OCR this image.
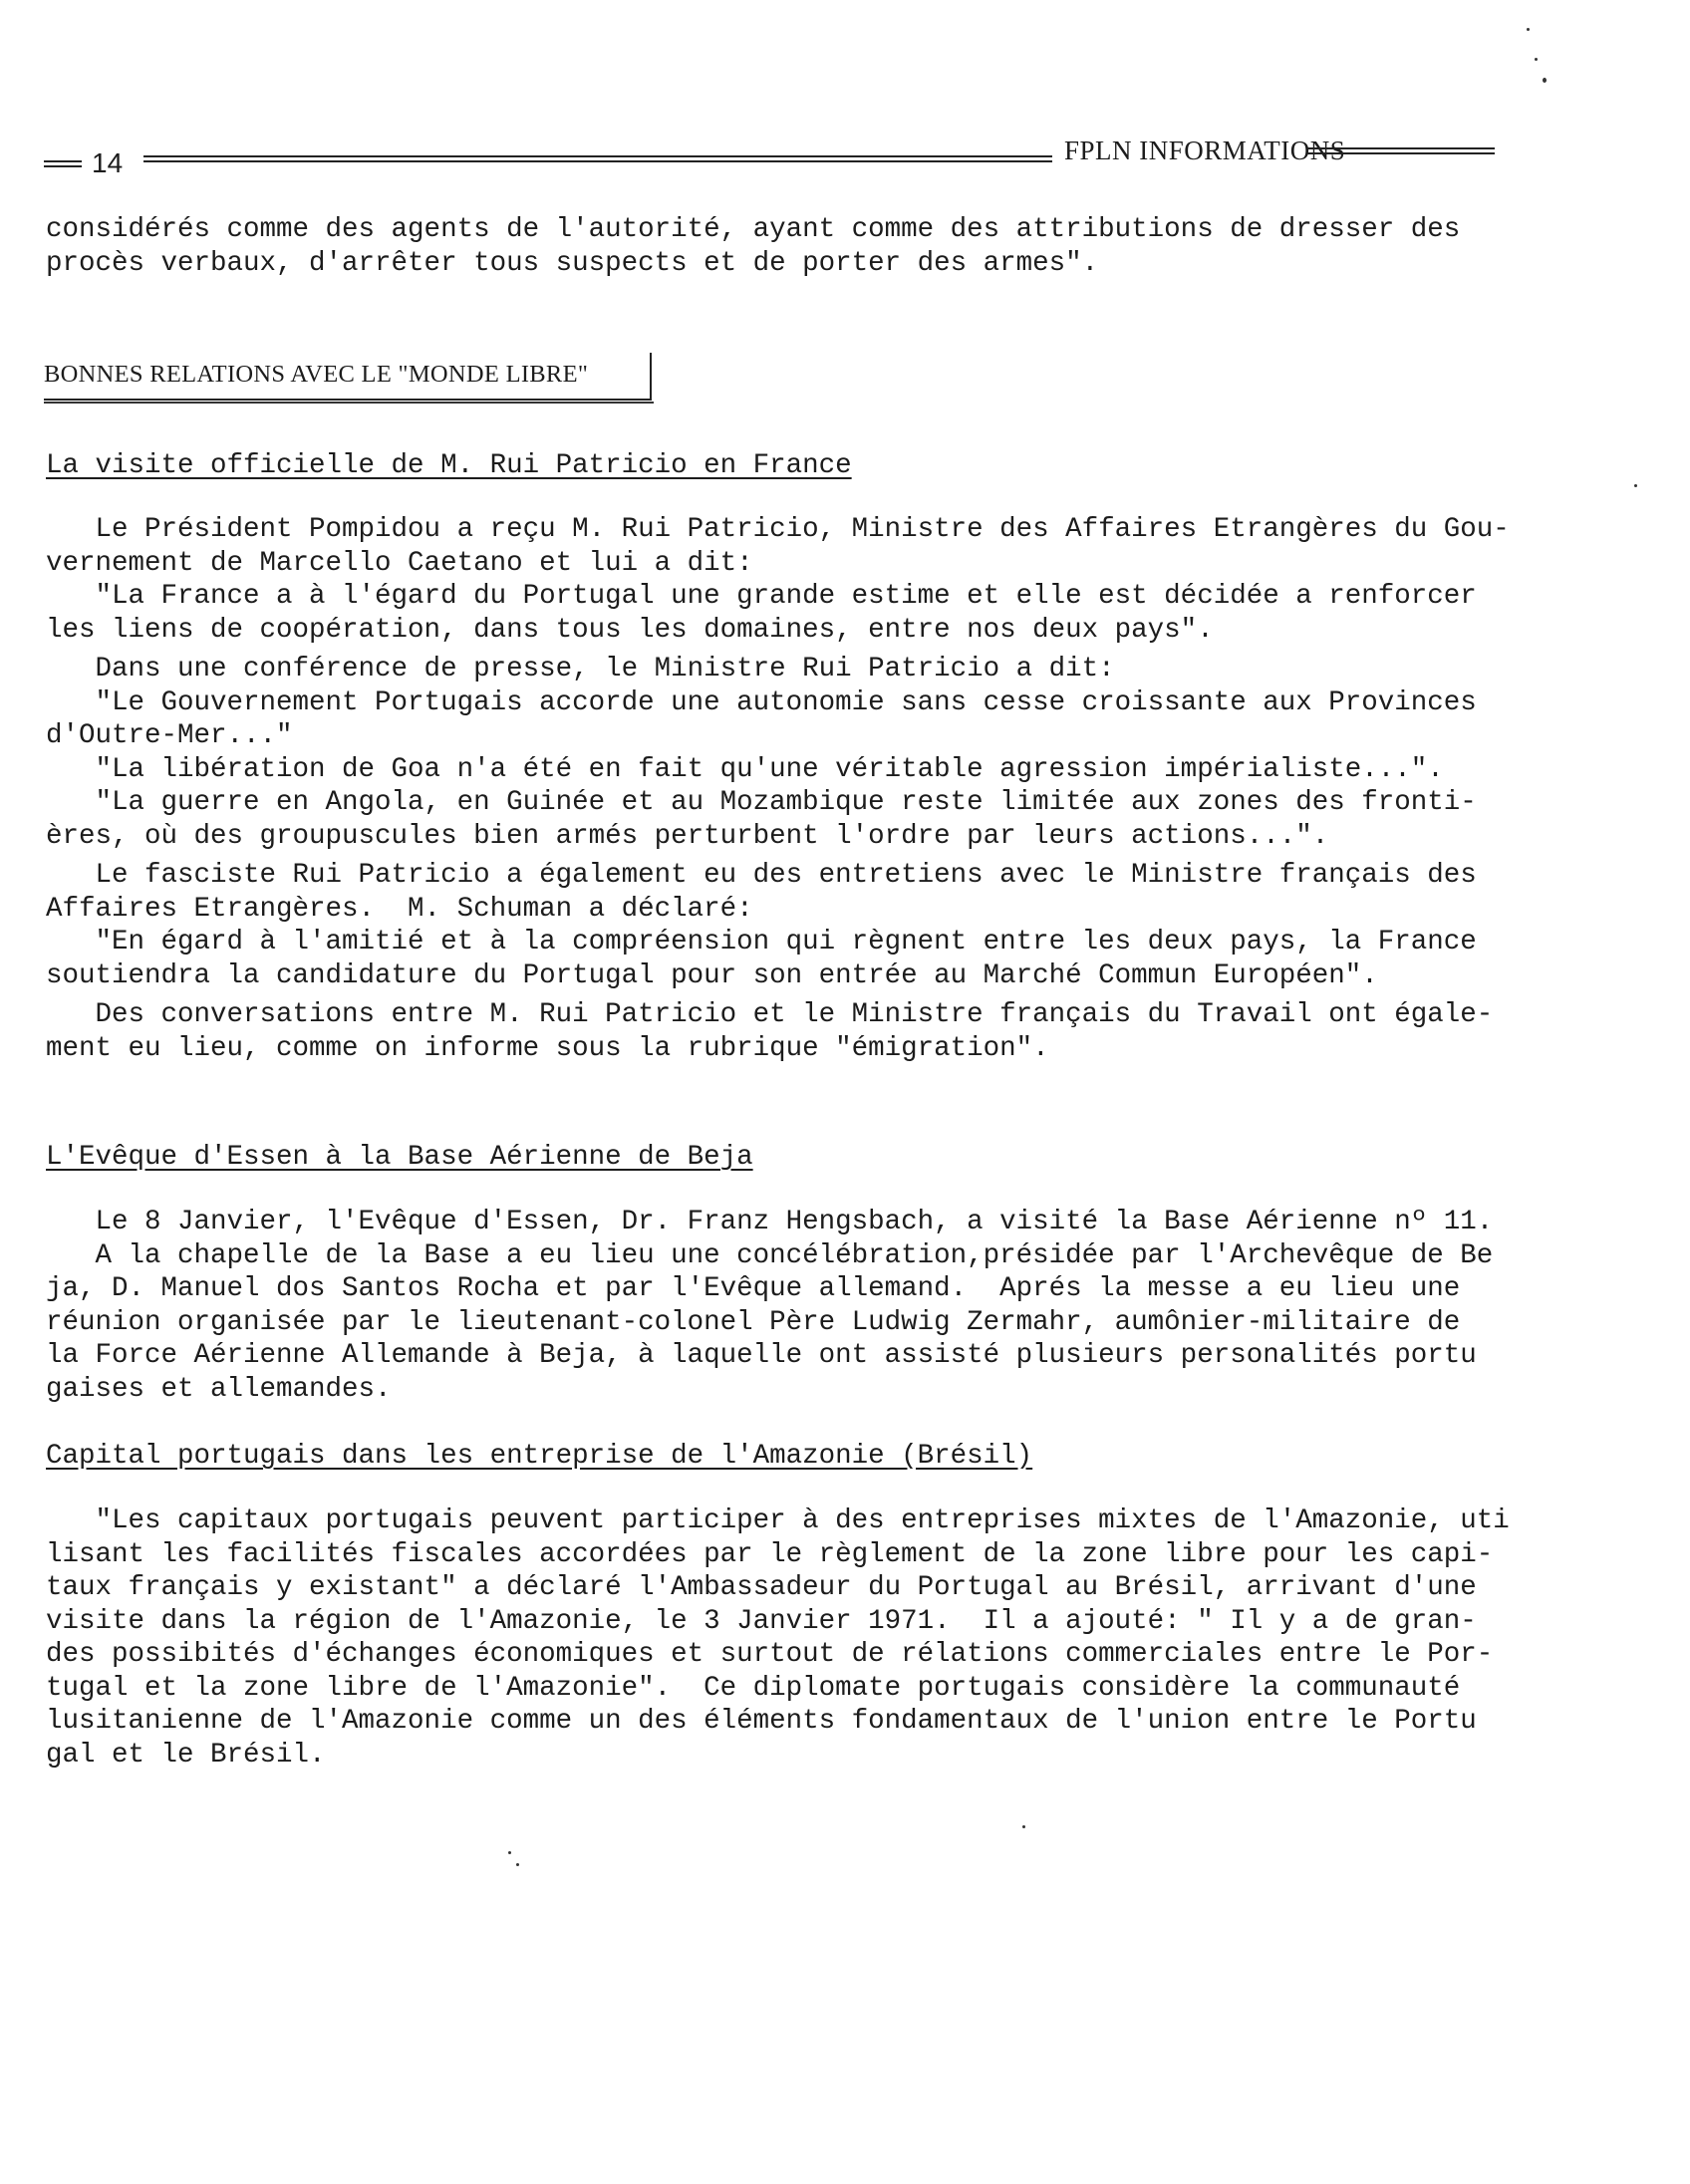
14	FPLN INFORMATIONS
considérés comme des agents de l'autorité, ayant comme des attributions de dresser des
procès verbaux, d'arrêter tous suspects et de porter des armes".
BONNES RELATIONS AVEC LE "MONDE LIBRE"
La visite officielle de M. Rui Patricio en France
Le Président Pompidou a reçu M. Rui Patricio, Ministre des Affaires Etrangères du Gou-
vernement de Marcello Caetano et lui a dit:
"La France a à l'égard du Portugal une grande estime et elle est décidée a renforcer
les liens de coopération, dans tous les domaines, entre nos deux pays".
Dans une conférence de presse, le Ministre Rui Patricio a dit:
"Le Gouvernement Portugais accorde une autonomie sans cesse croissante aux Provinces
d'Outre-Mer..."
"La libération de Goa n'a été en fait qu'une véritable agression impérialiste...".
"La guerre en Angola, en Guinée et au Mozambique reste limitée aux zones des fronti-
ères, où des groupuscules bien armés perturbent l'ordre par leurs actions...".
Le fasciste Rui Patricio a également eu des entretiens avec le Ministre français des
Affaires Etrangères.  M. Schuman a déclaré:
"En égard à l'amitié et à la compréension qui règnent entre les deux pays, la France
soutiendra la candidature du Portugal pour son entrée au Marché Commun Européen".
Des conversations entre M. Rui Patricio et le Ministre français du Travail ont égale-
ment eu lieu, comme on informe sous la rubrique "émigration".
L'Evêque d'Essen à la Base Aérienne de Beja
Le 8 Janvier, l'Evêque d'Essen, Dr. Franz Hengsbach, a visité la Base Aérienne nº 11.
A la chapelle de la Base a eu lieu une concélébration,présidée par l'Archevêque de Be
ja, D. Manuel dos Santos Rocha et par l'Evêque allemand.  Aprés la messe a eu lieu une
réunion organisée par le lieutenant-colonel Père Ludwig Zermahr, aumônier-militaire de
la Force Aérienne Allemande à Beja, à laquelle ont assisté plusieurs personalités portu
gaises et allemandes.
Capital portugais dans les entreprise de l'Amazonie (Brésil)
"Les capitaux portugais peuvent participer à des entreprises mixtes de l'Amazonie, uti
lisant les facilités fiscales accordées par le règlement de la zone libre pour les capi-
taux français y existant" a déclaré l'Ambassadeur du Portugal au Brésil, arrivant d'une
visite dans la région de l'Amazonie, le 3 Janvier 1971.  Il a ajouté: " Il y a de gran-
des possibités d'échanges économiques et surtout de rélations commerciales entre le Por-
tugal et la zone libre de l'Amazonie".  Ce diplomate portugais considère la communauté
lusitanienne de l'Amazonie comme un des éléments fondamentaux de l'union entre le Portu
gal et le Brésil.
